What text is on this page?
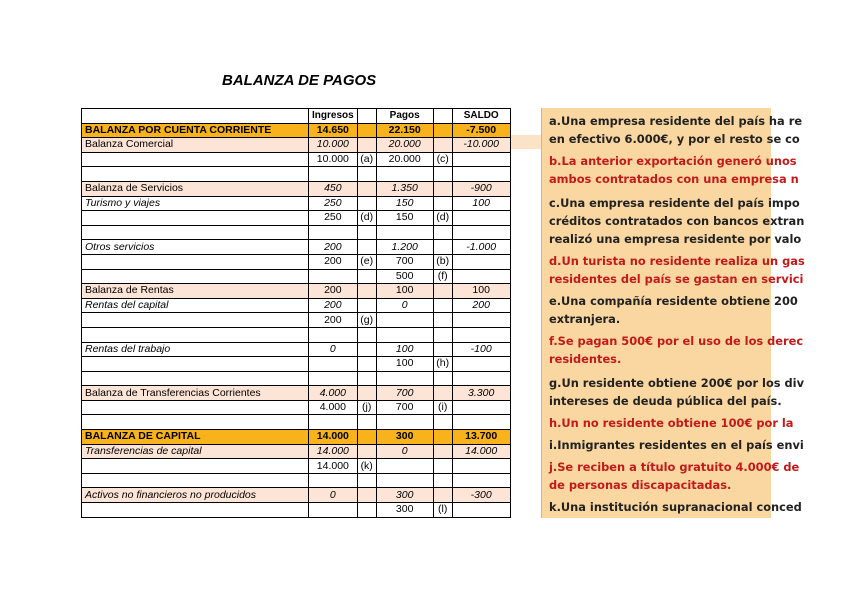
BALANZA DE PAGOS
	Ingresos		Pagos		SALDO
BALANZA POR CUENTA CORRIENTE	14.650		22.150		-7.500
Balanza Comercial	10.000		20.000		-10.000
	10.000	(a)	20.000	(c)	

Balanza de Servicios	450		1.350		-900
Turismo y viajes	250		150		100
	250	(d)	150	(d)	

Otros servicios	200		1.200		-1.000
	200	(e)	700	(b)	
			500	(f)	
Balanza de Rentas	200		100		100
Rentas del capital	200		0		200
	200	(g)			

Rentas del trabajo	0		100		-100
			100	(h)	

Balanza de Transferencias Corrientes	4.000		700		3.300
	4.000	(j)	700	(i)	

BALANZA DE CAPITAL	14.000		300		13.700
Transferencias de capital	14.000		0		14.000
	14.000	(k)			

Activos no financieros no producidos	0		300		-300
			300	(l)	
a.Una empresa residente del país ha re
en efectivo 6.000€, y por el resto se co
b.La anterior exportación generó unos
ambos contratados con una empresa n
c.Una empresa residente del país impo
créditos contratados con bancos extran
realizó una empresa residente por valo
d.Un turista no residente realiza un gas
residentes del país se gastan en servici
e.Una compañía residente obtiene 200
extranjera.
f.Se pagan 500€ por el uso de los derec
residentes.
g.Un residente obtiene 200€ por los div
intereses de deuda pública del país.
h.Un no residente obtiene 100€ por la
i.Inmigrantes residentes en el país envi
j.Se reciben a título gratuito 4.000€ de
de personas discapacitadas.
k.Una institución supranacional conced
